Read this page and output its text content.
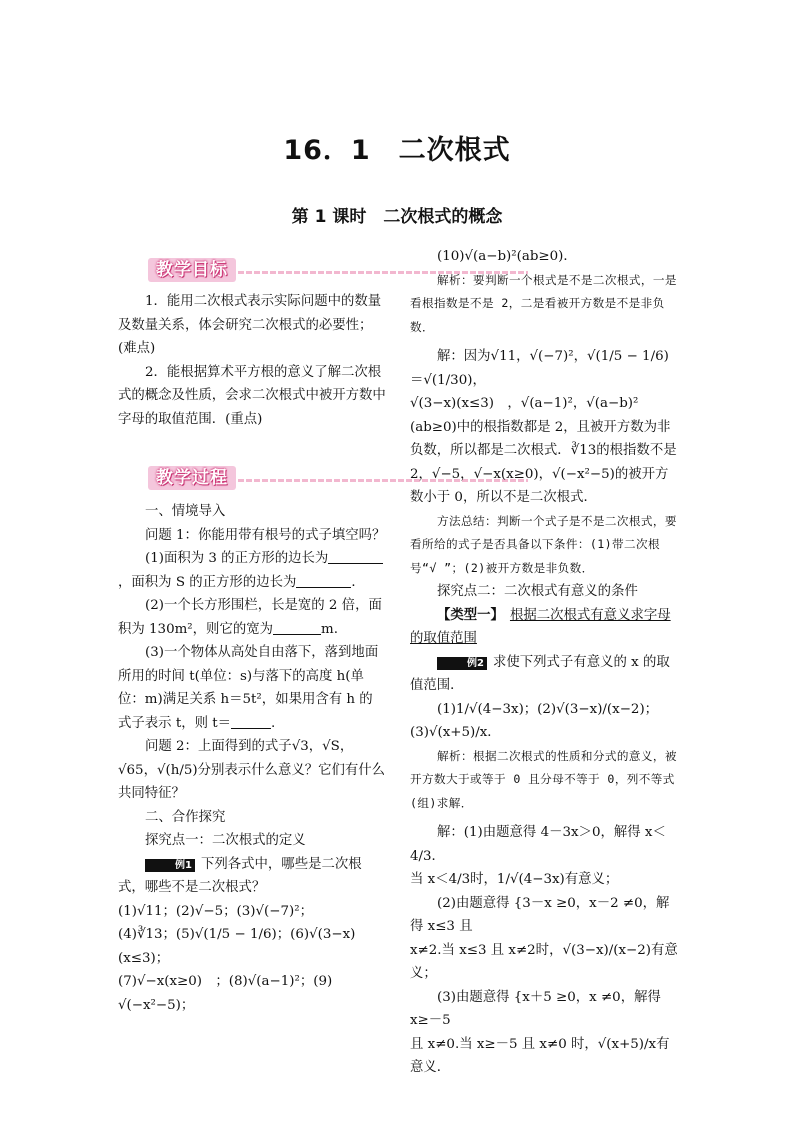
16．1　二次根式
第 1 课时　二次根式的概念
教学目标
教学过程

1．能用二次根式表示实际问题中的数量及数量关系，体会研究二次根式的必要性；(难点)

2．能根据算术平方根的意义了解二次根式的概念及性质，会求二次根式中被开方数中字母的取值范围．(重点)

一、情境导入

问题 1：你能用带有根号的式子填空吗？

(1)面积为 3 的正方形的边长为，面积为 S 的正方形的边长为	．

(2)一个长方形围栏，长是宽的 2 倍，面积为 130m²，则它的宽为	m.

(3)一个物体从高处自由落下，落到地面所用的时间 t(单位：s)与落下的高度 h(单位：m)满足关系 h＝5t²，如果用含有 h 的式子表示 t，则 t＝	.

问题 2：上面得到的式子√3，√S，√65，√(h/5)分别表示什么意义？它们有什么共同特征？

二、合作探究

探究点一：二次根式的定义

例1 下列各式中，哪些是二次根式，哪些不是二次根式？

(1)√11；(2)√−5；(3)√(−7)²；

(4)∛13；(5)√(1/5 − 1/6)；(6)√(3−x)(x≤3)；

(7)√−x(x≥0)　；(8)√(a−1)²；(9)

√(−x²−5)；

(10)√(a−b)²(ab≥0)．

解析：要判断一个根式是不是二次根式，一是看根指数是不是 2，二是看被开方数是不是非负数．

解：因为√11，√(−7)²，√(1/5 − 1/6)＝√(1/30)，

√(3−x)(x≤3)　，√(a−1)²，√(a−b)²

(ab≥0)中的根指数都是 2，且被开方数为非负数，所以都是二次根式．∛13的根指数不是 2，√−5，√−x(x≥0)，√(−x²−5)的被开方数小于 0，所以不是二次根式．

方法总结：判断一个式子是不是二次根式，要看所给的式子是否具备以下条件：(1)带二次根号“√ ”；(2)被开方数是非负数．

探究点二：二次根式有意义的条件

【类型一】 根据二次根式有意义求字母的取值范围

例2 求使下列式子有意义的 x 的取值范围．

(1)1/√(4−3x)；(2)√(3−x)/(x−2)；(3)√(x+5)/x．

解析：根据二次根式的性质和分式的意义，被开方数大于或等于 0 且分母不等于 0，列不等式(组)求解．

解：(1)由题意得 4－3x＞0，解得 x＜4/3．

当 x＜4/3时，1/√(4−3x)有意义；

(2)由题意得 {3－x ≥0，x－2 ≠0，解得 x≤3 且

x≠2.当 x≤3 且 x≠2时，√(3−x)/(x−2)有意义；

(3)由题意得 {x＋5 ≥0，x ≠0，解得 x≥－5

且 x≠0.当 x≥－5 且 x≠0 时，√(x+5)/x有意义．
